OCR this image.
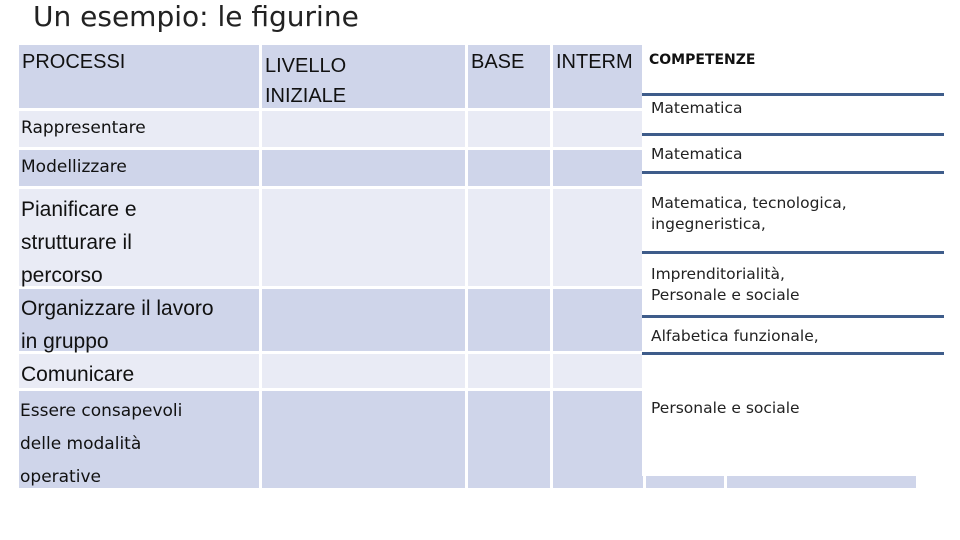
Un esempio: le figurine
PROCESSI	LIVELLO
INIZIALE
BASE INTERM
Rappresentare
Modellizzare
Pianificare e
strutturare il
percorso
Organizzare il lavoro
in gruppo
Comunicare
Essere consapevoli
delle modalità
operative
COMPETENZE
Matematica
Matematica
Matematica, tecnologica,
ingegneristica,
Imprenditorialità,
Personale e sociale
Alfabetica funzionale,
Personale e sociale
